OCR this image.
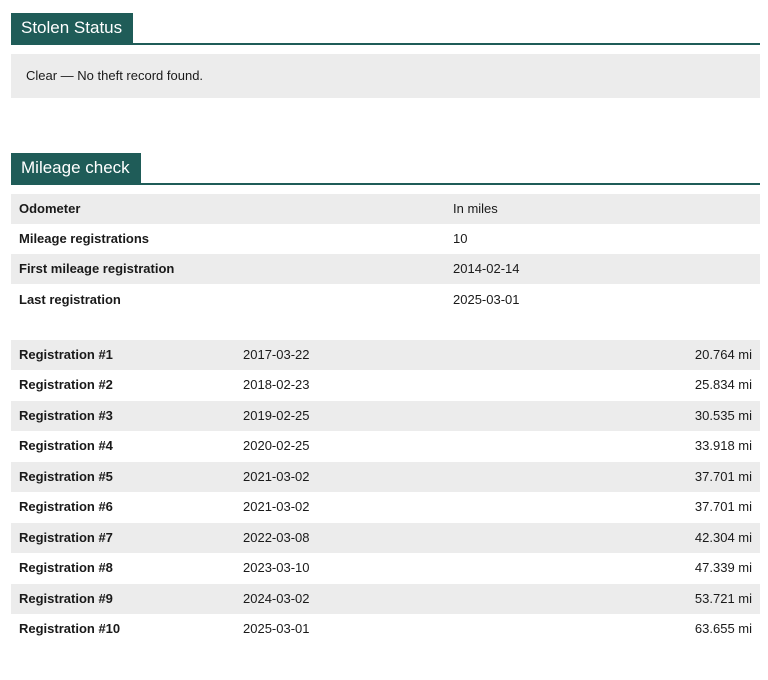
Stolen Status
Clear — No theft record found.
Mileage check
Odometer	In miles
Mileage registrations	10
First mileage registration	2014-02-14
Last registration	2025-03-01
Registration #1	2017-03-22	20.764 mi
Registration #2	2018-02-23	25.834 mi
Registration #3	2019-02-25	30.535 mi
Registration #4	2020-02-25	33.918 mi
Registration #5	2021-03-02	37.701 mi
Registration #6	2021-03-02	37.701 mi
Registration #7	2022-03-08	42.304 mi
Registration #8	2023-03-10	47.339 mi
Registration #9	2024-03-02	53.721 mi
Registration #10	2025-03-01	63.655 mi
